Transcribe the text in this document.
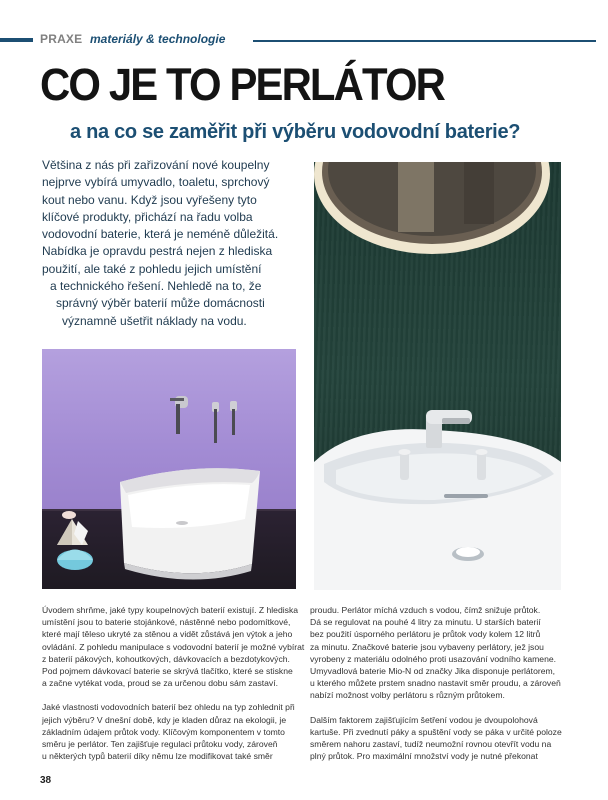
PRAXE materiály & technologie
CO JE TO PERLÁTOR
a na co se zaměřit při výběru vodovodní baterie?

Většina z nás při zařizování nové koupelny

nejprve vybírá umyvadlo, toaletu, sprchový

kout nebo vanu. Když jsou vyřešeny tyto

klíčové produkty, přichází na řadu volba

vodovodní baterie, která je neméně důležitá.

Nabídka je opravdu pestrá nejen z hlediska

použití, ale také z pohledu jejich umístění

a technického řešení. Nehledě na to, že

správný výběr baterií může domácnosti

významně ušetřit náklady na vodu.

Úvodem shrňme, jaké typy koupelnových baterií existují. Z hlediska
umístění jsou to baterie stojánkové, nástěnné nebo podomítkové,
které mají těleso ukryté za stěnou a vidět zůstává jen výtok a jeho
ovládání. Z pohledu manipulace s vodovodní baterií je možné vybírat
z baterií pákových, kohoutkových, dávkovacích a bezdotykových.
Pod pojmem dávkovací baterie se skrývá tlačítko, které se stiskne
a začne vytékat voda, proud se za určenou dobu sám zastaví.

Jaké vlastnosti vodovodních baterií bez ohledu na typ zohlednit při
jejich výběru? V dnešní době, kdy je kladen důraz na ekologii, je
základním údajem průtok vody. Klíčovým komponentem v tomto
směru je perlátor. Ten zajišťuje regulaci průtoku vody, zároveň
u některých typů baterií díky němu lze modifikovat také směr

proudu. Perlátor míchá vzduch s vodou, čímž snižuje průtok.
Dá se regulovat na pouhé 4 litry za minutu. U starších baterií
bez použití úsporného perlátoru je průtok vody kolem 12 litrů
za minutu. Značkové baterie jsou vybaveny perlátory, jež jsou
vyrobeny z materiálu odolného proti usazování vodního kamene.
Umyvadlová baterie Mio-N od značky Jika disponuje perlátorem,
u kterého můžete prstem snadno nastavit směr proudu, a zároveň
nabízí možnost volby perlátoru s různým průtokem.

Dalším faktorem zajišťujícím šetření vodou je dvoupolohová
kartuše. Při zvednutí páky a spuštění vody se páka v určité poloze
směrem nahoru zastaví, tudíž neumožní rovnou otevřít vodu na
plný průtok. Pro maximální množství vody je nutné překonat

38
